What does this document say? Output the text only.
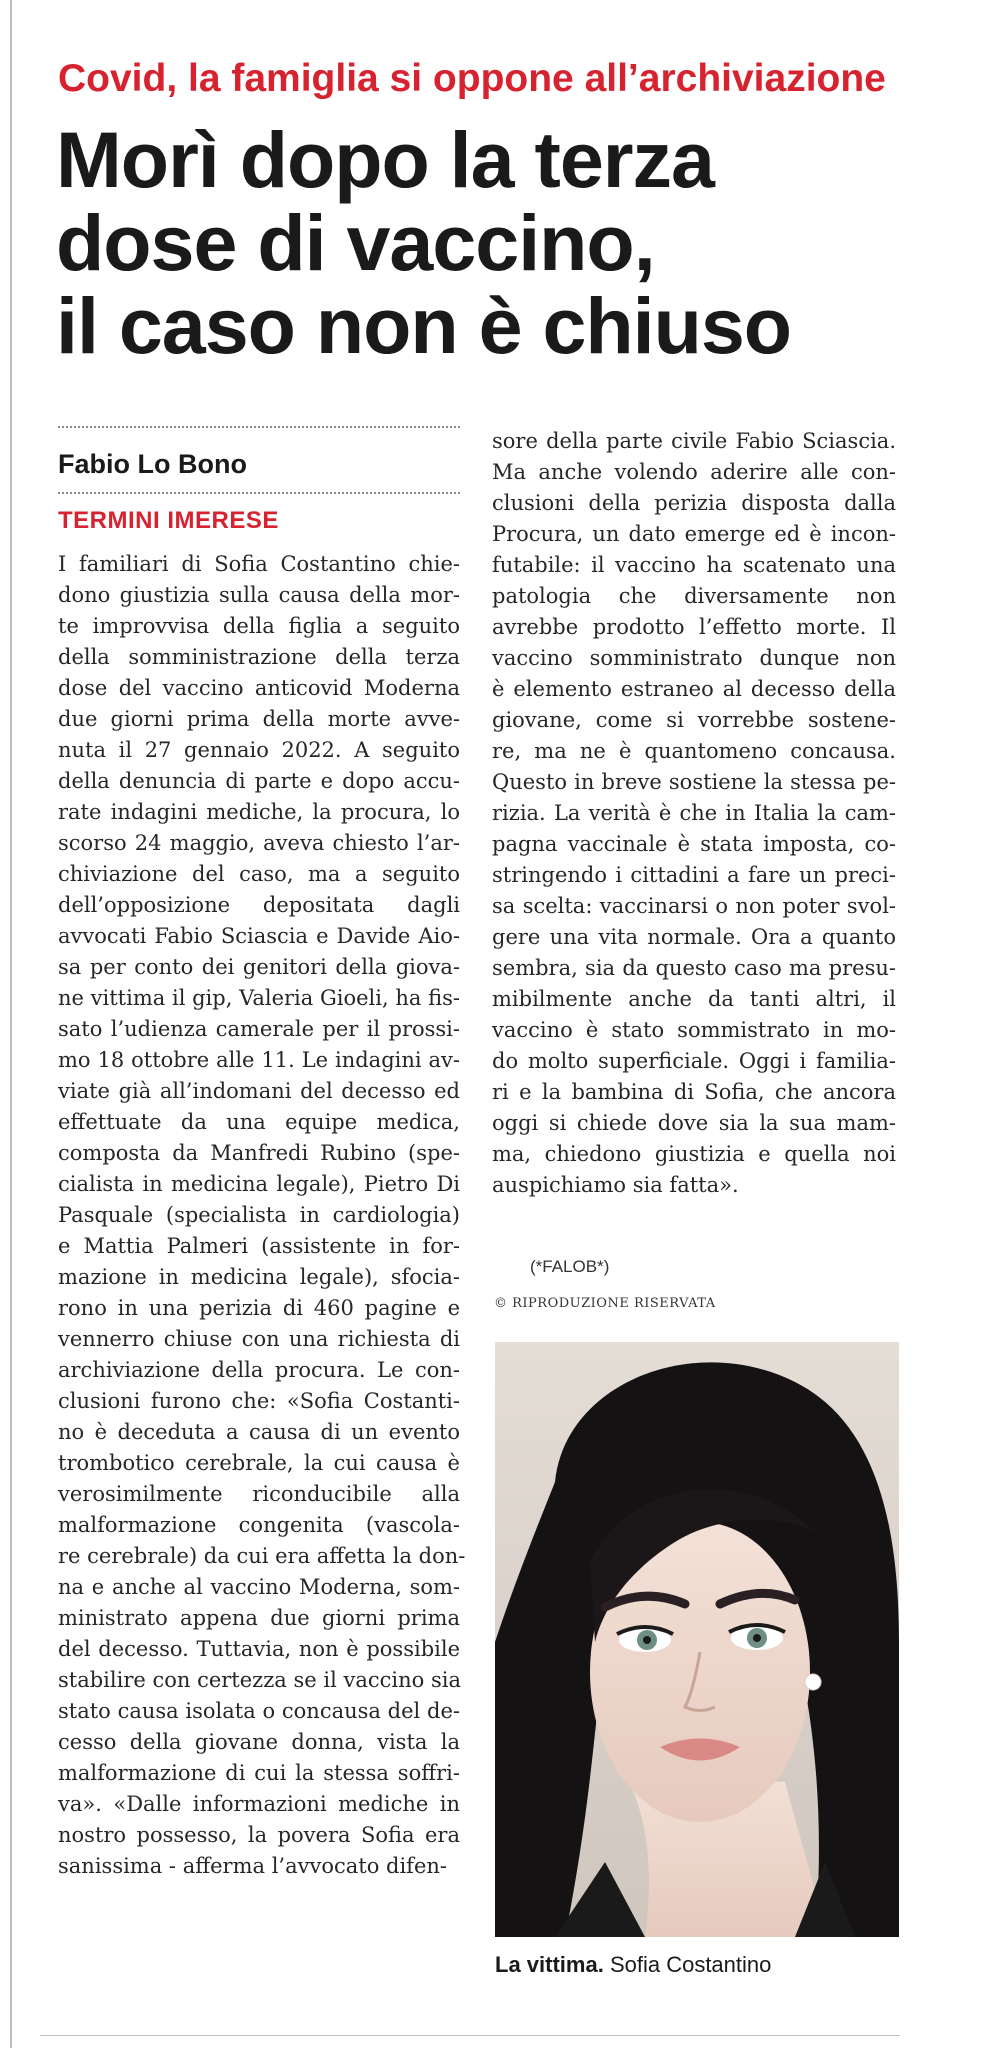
Covid, la famiglia si oppone all’archiviazione
Morì dopo la terza
dose di vaccino,
il caso non è chiuso
Fabio Lo Bono
TERMINI IMERESE
I familiari di Sofia Costantino chie-
dono giustizia sulla causa della mor-
te improvvisa della figlia a seguito
della somministrazione della terza
dose del vaccino anticovid Moderna
due giorni prima della morte avve-
nuta il 27 gennaio 2022. A seguito
della denuncia di parte e dopo accu-
rate indagini mediche, la procura, lo
scorso 24 maggio, aveva chiesto l’ar-
chiviazione del caso, ma a seguito
dell’opposizione depositata dagli
avvocati Fabio Sciascia e Davide Aio-
sa per conto dei genitori della giova-
ne vittima il gip, Valeria Gioeli, ha fis-
sato l’udienza camerale per il prossi-
mo 18 ottobre alle 11. Le indagini av-
viate già all’indomani del decesso ed
effettuate da una equipe medica,
composta da Manfredi Rubino (spe-
cialista in medicina legale), Pietro Di
Pasquale (specialista in cardiologia)
e Mattia Palmeri (assistente in for-
mazione in medicina legale), sfocia-
rono in una perizia di 460 pagine e
vennerro chiuse con una richiesta di
archiviazione della procura. Le con-
clusioni furono che: «Sofia Costanti-
no è deceduta a causa di un evento
trombotico cerebrale, la cui causa è
verosimilmente riconducibile alla
malformazione congenita (vascola-
re cerebrale) da cui era affetta la don-
na e anche al vaccino Moderna, som-
ministrato appena due giorni prima
del decesso. Tuttavia, non è possibile
stabilire con certezza se il vaccino sia
stato causa isolata o concausa del de-
cesso della giovane donna, vista la
malformazione di cui la stessa soffri-
va». «Dalle informazioni mediche in
nostro possesso, la povera Sofia era
sanissima - afferma l’avvocato difen-
sore della parte civile Fabio Sciascia.
Ma anche volendo aderire alle con-
clusioni della perizia disposta dalla
Procura, un dato emerge ed è incon-
futabile: il vaccino ha scatenato una
patologia che diversamente non
avrebbe prodotto l’effetto morte. Il
vaccino somministrato dunque non
è elemento estraneo al decesso della
giovane, come si vorrebbe sostene-
re, ma ne è quantomeno concausa.
Questo in breve sostiene la stessa pe-
rizia. La verità è che in Italia la cam-
pagna vaccinale è stata imposta, co-
stringendo i cittadini a fare un preci-
sa scelta: vaccinarsi o non poter svol-
gere una vita normale. Ora a quanto
sembra, sia da questo caso ma presu-
mibilmente anche da tanti altri, il
vaccino è stato sommistrato in mo-
do molto superficiale. Oggi i familia-
ri e la bambina di Sofia, che ancora
oggi si chiede dove sia la sua mam-
ma, chiedono giustizia e quella noi
auspichiamo sia fatta».
(*FALOB*)
© RIPRODUZIONE RISERVATA
La vittima. Sofia Costantino
